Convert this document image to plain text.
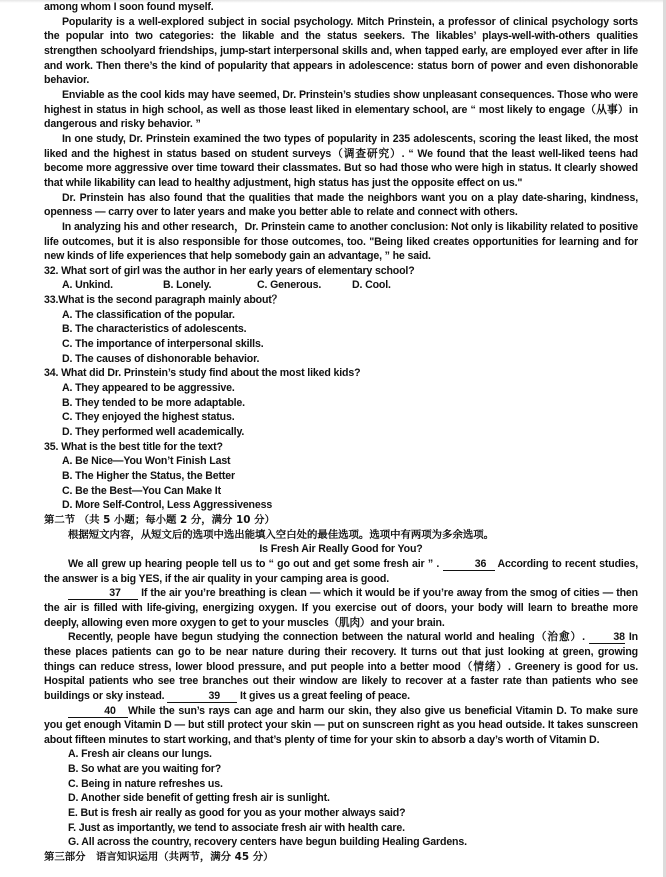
among whom I soon found myself.

Popularity is a well-explored subject in social psychology. Mitch Prinstein, a professor of clinical psychology sorts the popular into two categories: the likable and the status seekers. The likables’ plays-well-with-others qualities strengthen schoolyard friendships, jump-start interpersonal skills and, when tapped early, are employed ever after in life and work. Then there’s the kind of popularity that appears in adolescence: status born of power and even dishonorable behavior.

Enviable as the cool kids may have seemed, Dr. Prinstein’s studies show unpleasant consequences. Those who were highest in status in high school, as well as those least liked in elementary school, are “ most likely to engage（从事）in dangerous and risky behavior. ”

In one study, Dr. Prinstein examined the two types of popularity in 235 adolescents, scoring the least liked, the most liked and the highest in status based on student surveys（调查研究）. “ We found that the least well-liked teens had become more aggressive over time toward their classmates. But so had those who were high in status. It clearly showed that while likability can lead to healthy adjustment, high status has just the opposite effect on us."

Dr. Prinstein has also found that the qualities that made the neighbors want you on a play date-sharing, kindness, openness — carry over to later years and make you better able to relate and connect with others.

In analyzing his and other research，Dr. Prinstein came to another conclusion: Not only is likability related to positive life outcomes, but it is also responsible for those outcomes, too. "Being liked creates opportunities for learning and for new kinds of life experiences that help somebody gain an advantage, ” he said.

32. What sort of girl was the author in her early years of elementary school?

A. Unkind.	B. Lonely.	C. Generous.	D. Cool.

33.What is the second paragraph mainly about？

A. The classification of the popular.

B. The characteristics of adolescents.

C. The importance of interpersonal skills.

D. The causes of dishonorable behavior.

34. What did Dr. Prinstein’s study find about the most liked kids?

A. They appeared to be aggressive.

B. They tended to be more adaptable.

C. They enjoyed the highest status.

D. They performed well academically.

35. What is the best title for the text?

A. Be Nice—You Won’t Finish Last

B. The Higher the Status, the Better

C. Be the Best—You Can Make It

D. More Self-Control, Less Aggressiveness

第二节 （共 5 小题；每小题 2 分，满分 10 分）

根据短文内容，从短文后的选项中选出能填入空白处的最佳选项。选项中有两项为多余选项。

Is Fresh Air Really Good for You?

We all grew up hearing people tell us to “ go out and get some fresh air ” .	36 According to recent studies, the answer is a big YES, if the air quality in your camping area is good.

37 If the air you’re breathing is clean — which it would be if you’re away from the smog of cities — then the air is filled with life-giving, energizing oxygen. If you exercise out of doors, your body will learn to breathe more deeply, allowing even more oxygen to get to your muscles（肌肉）and your brain.

Recently, people have begun studying the connection between the natural world and healing（治愈）. 38 In these places patients can go to be near nature during their recovery. It turns out that just looking at green, growing things can reduce stress, lower blood pressure, and put people into a better mood（情绪）. Greenery is good for us. Hospital patients who see tree branches out their window are likely to recover at a faster rate than patients who see buildings or sky instead.	39 It gives us a great feeling of peace.

40 While the sun’s rays can age and harm our skin, they also give us beneficial Vitamin D. To make sure you get enough Vitamin D — but still protect your skin — put on sunscreen right as you head outside. It takes sunscreen about fifteen minutes to start working, and that’s plenty of time for your skin to absorb a day’s worth of Vitamin D.

A. Fresh air cleans our lungs.

B. So what are you waiting for?

C. Being in nature refreshes us.

D. Another side benefit of getting fresh air is sunlight.

E. But is fresh air really as good for you as your mother always said?

F. Just as importantly, we tend to associate fresh air with health care.

G. All across the country, recovery centers have begun building Healing Gardens.

第三部分　语言知识运用（共两节，满分 45 分）
